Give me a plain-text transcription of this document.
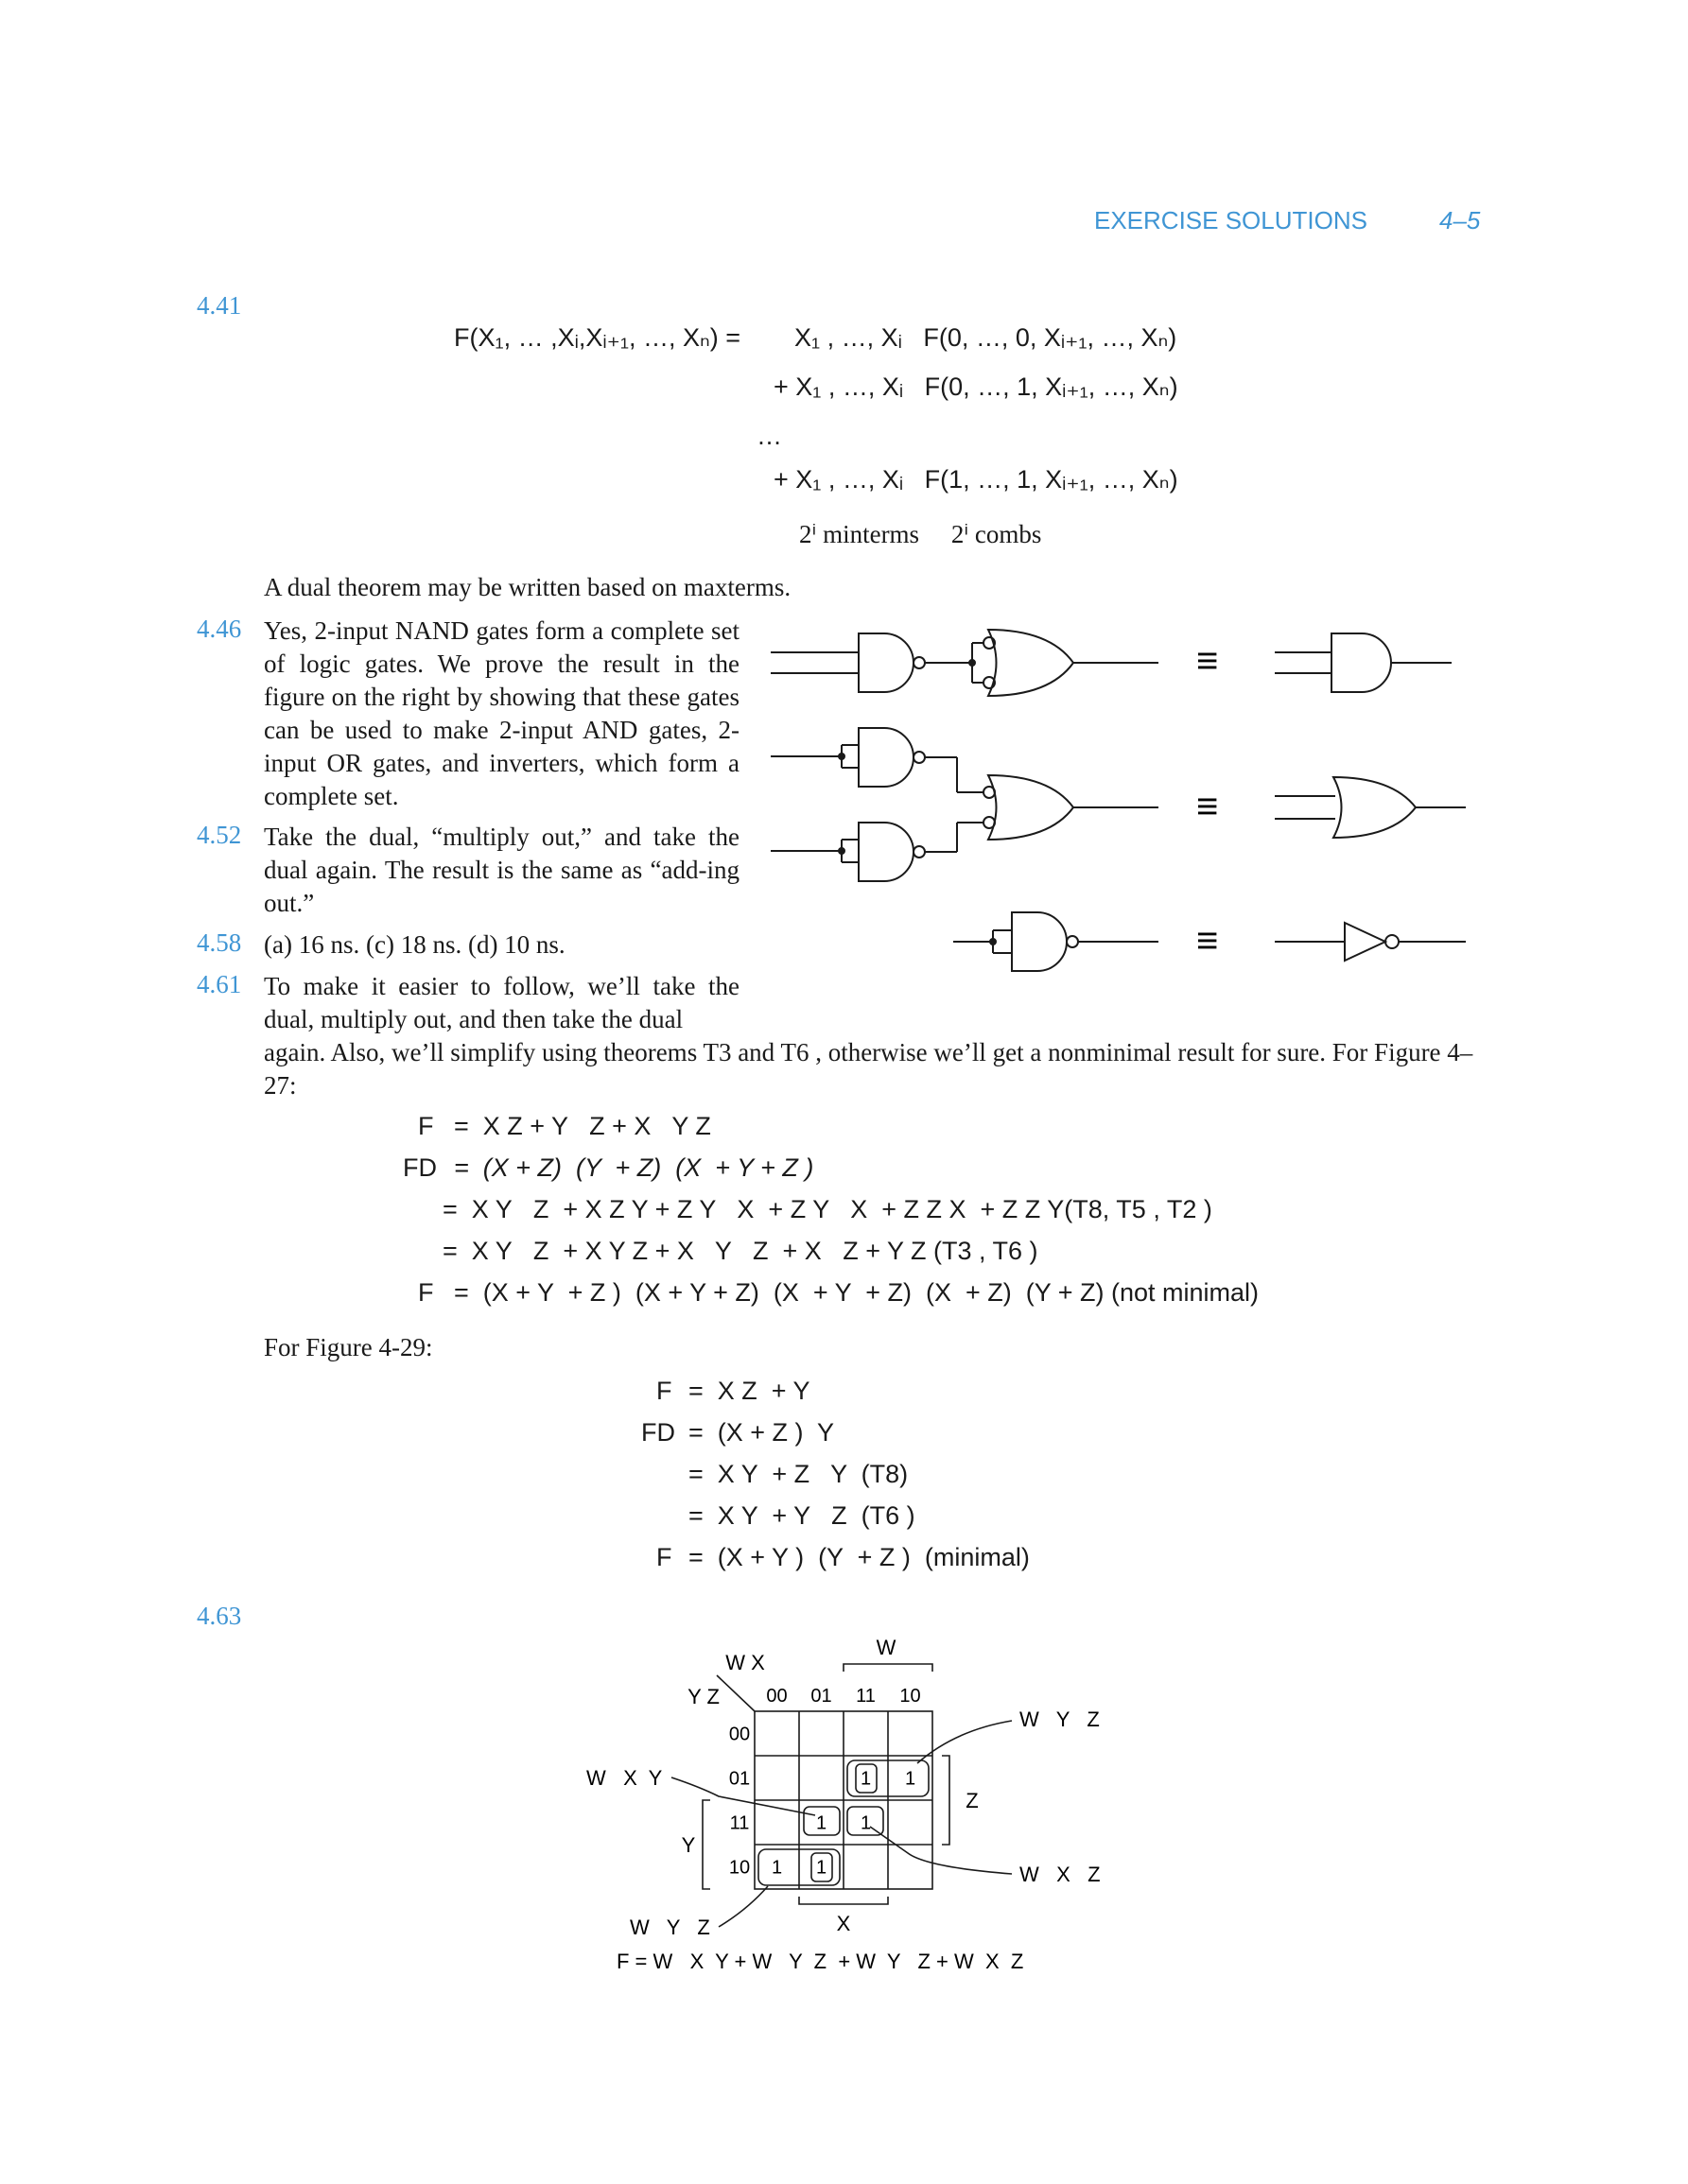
EXERCISE SOLUTIONS	4–5
4.41
F(X₁, … ,Xᵢ,Xᵢ₊₁, …, Xₙ) = X₁ , …, Xᵢ   F(0, …, 0, Xᵢ₊₁, …, Xₙ)
+ X₁ , …, Xᵢ   F(0, …, 1, Xᵢ₊₁, …, Xₙ)
…
+ X₁ , …, Xᵢ   F(1, …, 1, Xᵢ₊₁, …, Xₙ)
2ⁱ minterms     2ⁱ combs
A dual theorem may be written based on maxterms.
4.46 Yes, 2-input NAND gates form a complete set of logic gates. We prove the result in the figure on the right by showing that these gates can be used to make 2-input AND gates, 2-input OR gates, and inverters, which form a complete set.
4.52 Take the dual, “multiply out,” and take the dual again. The result is the same as “add-ing out.”
4.58 (a) 16 ns. (c) 18 ns. (d) 10 ns.
4.61 To make it easier to follow, we’ll take the dual, multiply out, and then take the dual
again. Also, we’ll simplify using theorems T3 and T6 , otherwise we’ll get a nonminimal result for sure. For Figure 4–27:
F =  X Z + Y   Z + X   Y Z
FD =  (X + Z)  (Y  + Z)  (X  + Y + Z )
=  X Y   Z  + X Z Y + Z Y   X  + Z Y   X  + Z Z X  + Z Z Y(T8, T5 , T2 )
=  X Y   Z  + X Y Z + X   Y   Z  + X   Z + Y Z (T3 , T6 )
F =  (X + Y  + Z )  (X + Y + Z)  (X  + Y  + Z)  (X  + Z)  (Y + Z) (not minimal)
For Figure 4-29:
F =  X Z  + Y
FD =  (X + Z )  Y
=  X Y  + Z   Y  (T8)
=  X Y  + Y   Z  (T6 )
F =  (X + Y )  (Y  + Z )  (minimal)
4.63
≡
≡
≡
W
W X
Y Z 00 01 11 10
00
01
11
10
1 1
1 1
1 1
Z
Y
X
W   X  Y
W   Y   Z
W   X   Z
W   Y   Z
F = W   X  Y + W   Y  Z  + W  Y   Z + W  X  Z
